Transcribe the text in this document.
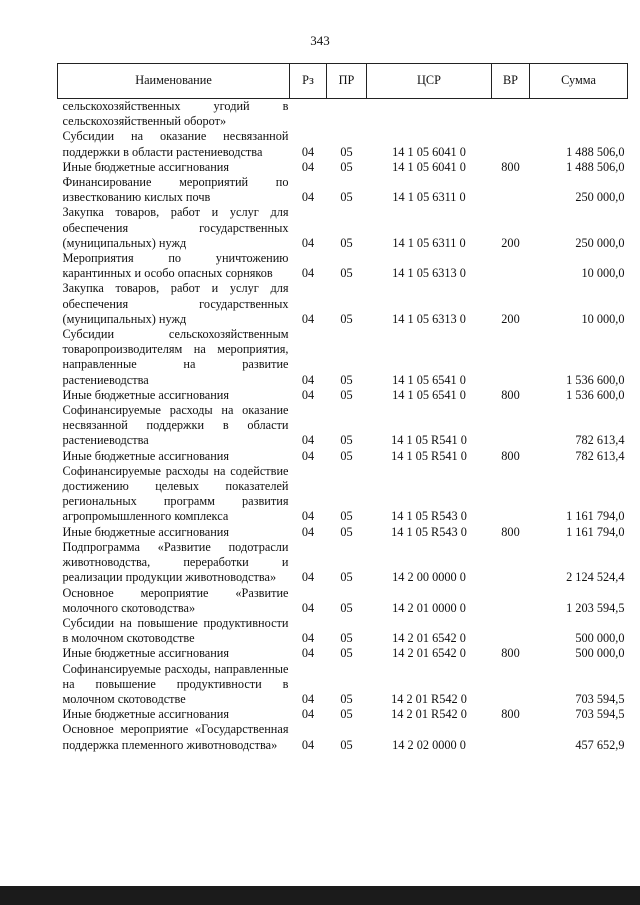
343
Наименование	Рз	ПР	ЦСР	ВР	Сумма
сельскохозяйственных угодий в сельскохозяйственный оборот»					
Субсидии на оказание несвязанной поддержки в области растениеводства	04	05	14 1 05 6041 0		1 488 506,0
Иные бюджетные ассигнования	04	05	14 1 05 6041 0	800	1 488 506,0
Финансирование мероприятий по известкованию кислых почв	04	05	14 1 05 6311 0		250 000,0
Закупка товаров, работ и услуг для обеспечения государственных (муниципальных) нужд	04	05	14 1 05 6311 0	200	250 000,0
Мероприятия по уничтожению карантинных и особо опасных сорняков	04	05	14 1 05 6313 0		10 000,0
Закупка товаров, работ и услуг для обеспечения государственных (муниципальных) нужд	04	05	14 1 05 6313 0	200	10 000,0
Субсидии сельскохозяйственным товаропроизводителям на мероприятия, направленные на развитие растениеводства	04	05	14 1 05 6541 0		1 536 600,0
Иные бюджетные ассигнования	04	05	14 1 05 6541 0	800	1 536 600,0
Софинансируемые расходы на оказание несвязанной поддержки в области растениеводства	04	05	14 1 05 R541 0		782 613,4
Иные бюджетные ассигнования	04	05	14 1 05 R541 0	800	782 613,4
Софинансируемые расходы на содействие достижению целевых показателей региональных программ развития агропромышленного комплекса	04	05	14 1 05 R543 0		1 161 794,0
Иные бюджетные ассигнования	04	05	14 1 05 R543 0	800	1 161 794,0
Подпрограмма «Развитие подотрасли животноводства, переработки и реализации продукции животноводства»	04	05	14 2 00 0000 0		2 124 524,4
Основное мероприятие «Развитие молочного скотоводства»	04	05	14 2 01 0000 0		1 203 594,5
Субсидии на повышение продуктивности в молочном скотоводстве	04	05	14 2 01 6542 0		500 000,0
Иные бюджетные ассигнования	04	05	14 2 01 6542 0	800	500 000,0
Софинансируемые расходы, направленные на повышение продуктивности в молочном скотоводстве	04	05	14 2 01 R542 0		703 594,5
Иные бюджетные ассигнования	04	05	14 2 01 R542 0	800	703 594,5
Основное мероприятие «Государственная поддержка племенного животноводства»	04	05	14 2 02 0000 0		457 652,9
